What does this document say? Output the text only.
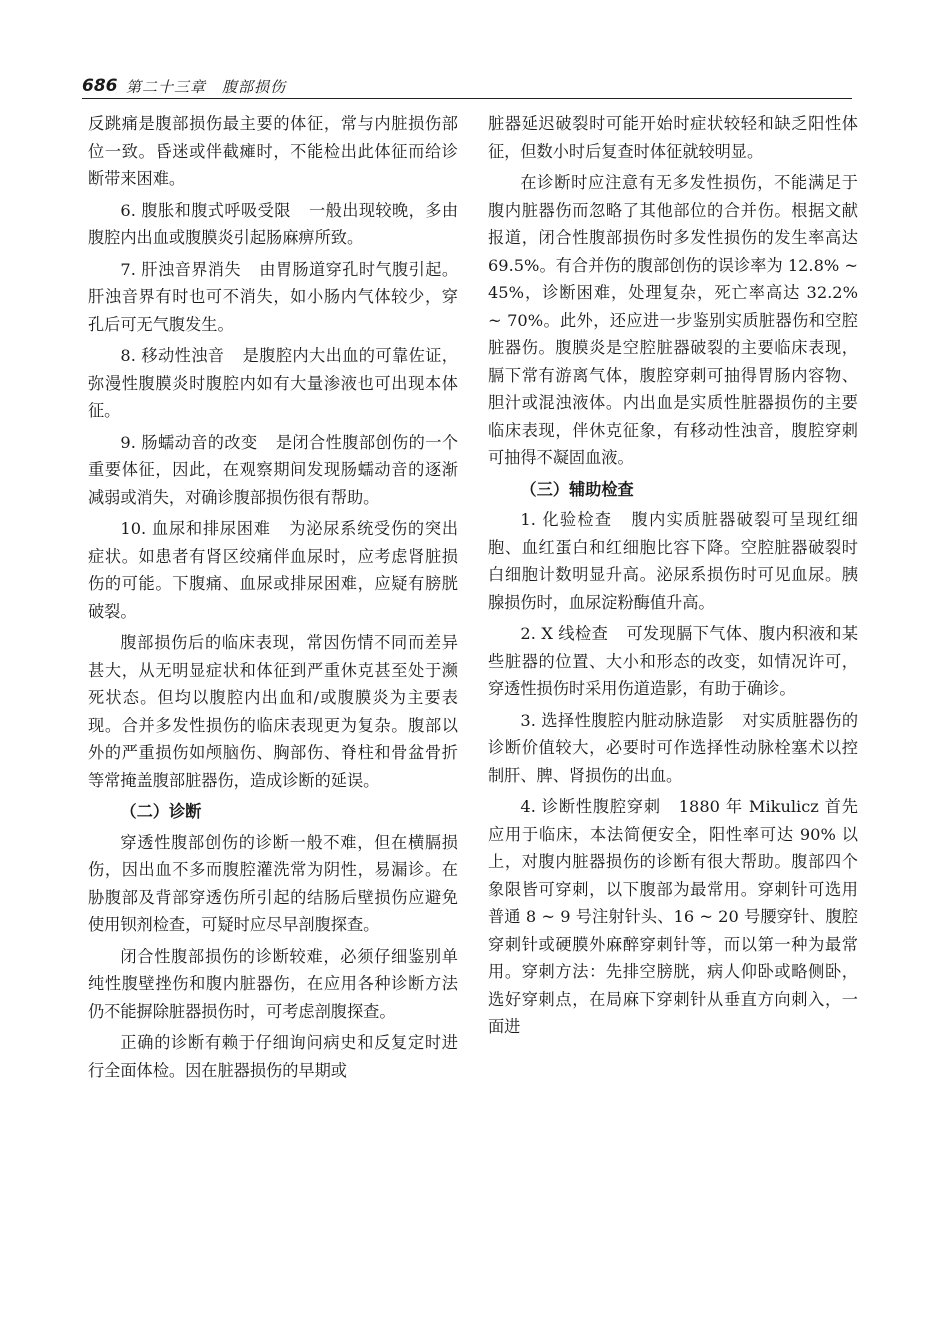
686 第二十三章　腹部损伤

反跳痛是腹部损伤最主要的体征，常与内脏损伤部位一致。昏迷或伴截瘫时，不能检出此体征而给诊断带来困难。

6. 腹胀和腹式呼吸受限 一般出现较晚，多由腹腔内出血或腹膜炎引起肠麻痹所致。

7. 肝浊音界消失 由胃肠道穿孔时气腹引起。肝浊音界有时也可不消失，如小肠内气体较少，穿孔后可无气腹发生。

8. 移动性浊音 是腹腔内大出血的可靠佐证，弥漫性腹膜炎时腹腔内如有大量渗液也可出现本体征。

9. 肠蠕动音的改变 是闭合性腹部创伤的一个重要体征，因此，在观察期间发现肠蠕动音的逐渐减弱或消失，对确诊腹部损伤很有帮助。

10. 血尿和排尿困难 为泌尿系统受伤的突出症状。如患者有肾区绞痛伴血尿时，应考虑肾脏损伤的可能。下腹痛、血尿或排尿困难，应疑有膀胱破裂。

腹部损伤后的临床表现，常因伤情不同而差异甚大，从无明显症状和体征到严重休克甚至处于濒死状态。但均以腹腔内出血和/或腹膜炎为主要表现。合并多发性损伤的临床表现更为复杂。腹部以外的严重损伤如颅脑伤、胸部伤、脊柱和骨盆骨折等常掩盖腹部脏器伤，造成诊断的延误。

（二）诊断

穿透性腹部创伤的诊断一般不难，但在横膈损伤，因出血不多而腹腔灌洗常为阴性，易漏诊。在胁腹部及背部穿透伤所引起的结肠后壁损伤应避免使用钡剂检查，可疑时应尽早剖腹探查。

闭合性腹部损伤的诊断较难，必须仔细鉴别单纯性腹壁挫伤和腹内脏器伤，在应用各种诊断方法仍不能摒除脏器损伤时，可考虑剖腹探查。

正确的诊断有赖于仔细询问病史和反复定时进行全面体检。因在脏器损伤的早期或

脏器延迟破裂时可能开始时症状较轻和缺乏阳性体征，但数小时后复查时体征就较明显。

在诊断时应注意有无多发性损伤，不能满足于腹内脏器伤而忽略了其他部位的合并伤。根据文献报道，闭合性腹部损伤时多发性损伤的发生率高达 69.5%。有合并伤的腹部创伤的误诊率为 12.8% ~ 45%，诊断困难，处理复杂，死亡率高达 32.2% ~ 70%。此外，还应进一步鉴别实质脏器伤和空腔脏器伤。腹膜炎是空腔脏器破裂的主要临床表现，膈下常有游离气体，腹腔穿刺可抽得胃肠内容物、胆汁或混浊液体。内出血是实质性脏器损伤的主要临床表现，伴休克征象，有移动性浊音，腹腔穿刺可抽得不凝固血液。

（三）辅助检查

1. 化验检查 腹内实质脏器破裂可呈现红细胞、血红蛋白和红细胞比容下降。空腔脏器破裂时白细胞计数明显升高。泌尿系损伤时可见血尿。胰腺损伤时，血尿淀粉酶值升高。

2. X 线检查 可发现膈下气体、腹内积液和某些脏器的位置、大小和形态的改变，如情况许可，穿透性损伤时采用伤道造影，有助于确诊。

3. 选择性腹腔内脏动脉造影 对实质脏器伤的诊断价值较大，必要时可作选择性动脉栓塞术以控制肝、脾、肾损伤的出血。

4. 诊断性腹腔穿刺 1880 年 Mikulicz 首先应用于临床，本法简便安全，阳性率可达 90% 以上，对腹内脏器损伤的诊断有很大帮助。腹部四个象限皆可穿刺，以下腹部为最常用。穿刺针可选用普通 8 ~ 9 号注射针头、16 ~ 20 号腰穿针、腹腔穿刺针或硬膜外麻醉穿刺针等，而以第一种为最常用。穿刺方法：先排空膀胱，病人仰卧或略侧卧，选好穿刺点，在局麻下穿刺针从垂直方向刺入，一面进
